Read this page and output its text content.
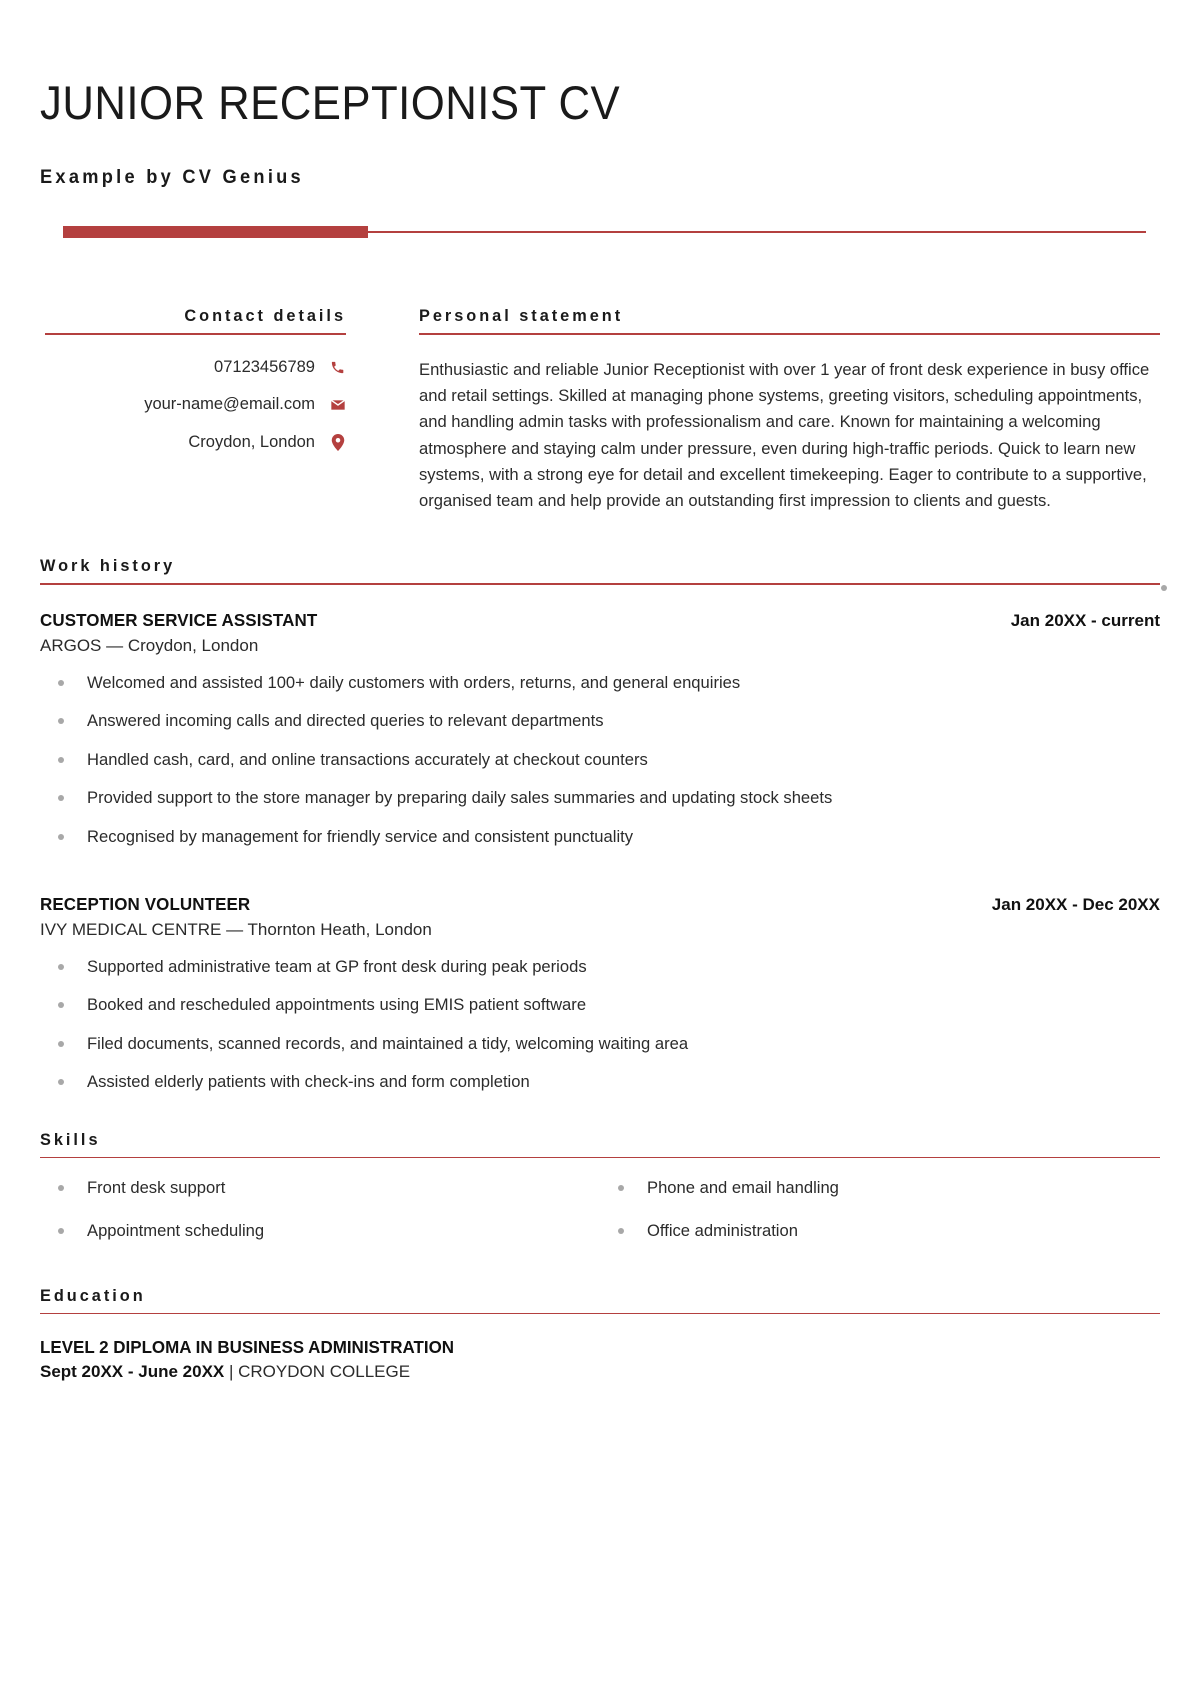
JUNIOR RECEPTIONIST CV
Example by CV Genius
Contact details
07123456789
your-name@email.com
Croydon, London
Personal statement

Enthusiastic and reliable Junior Receptionist with over 1 year of front desk experience in busy office and retail settings. Skilled at managing phone systems, greeting visitors, scheduling appointments, and handling admin tasks with professionalism and care. Known for maintaining a welcoming atmosphere and staying calm under pressure, even during high-traffic periods. Quick to learn new systems, with a strong eye for detail and excellent timekeeping. Eager to contribute to a supportive, organised team and help provide an outstanding first impression to clients and guests.

Work history
CUSTOMER SERVICE ASSISTANT	Jan 20XX - current
ARGOS — Croydon, London
Welcomed and assisted 100+ daily customers with orders, returns, and general enquiries
Answered incoming calls and directed queries to relevant departments
Handled cash, card, and online transactions accurately at checkout counters
Provided support to the store manager by preparing daily sales summaries and updating stock sheets
Recognised by management for friendly service and consistent punctuality
RECEPTION VOLUNTEER	Jan 20XX - Dec 20XX
IVY MEDICAL CENTRE — Thornton Heath, London
Supported administrative team at GP front desk during peak periods
Booked and rescheduled appointments using EMIS patient software
Filed documents, scanned records, and maintained a tidy, welcoming waiting area
Assisted elderly patients with check-ins and form completion
Skills
Front desk support	Phone and email handling
Appointment scheduling	Office administration
Education
LEVEL 2 DIPLOMA IN BUSINESS ADMINISTRATION
Sept 20XX - June 20XX | CROYDON COLLEGE
